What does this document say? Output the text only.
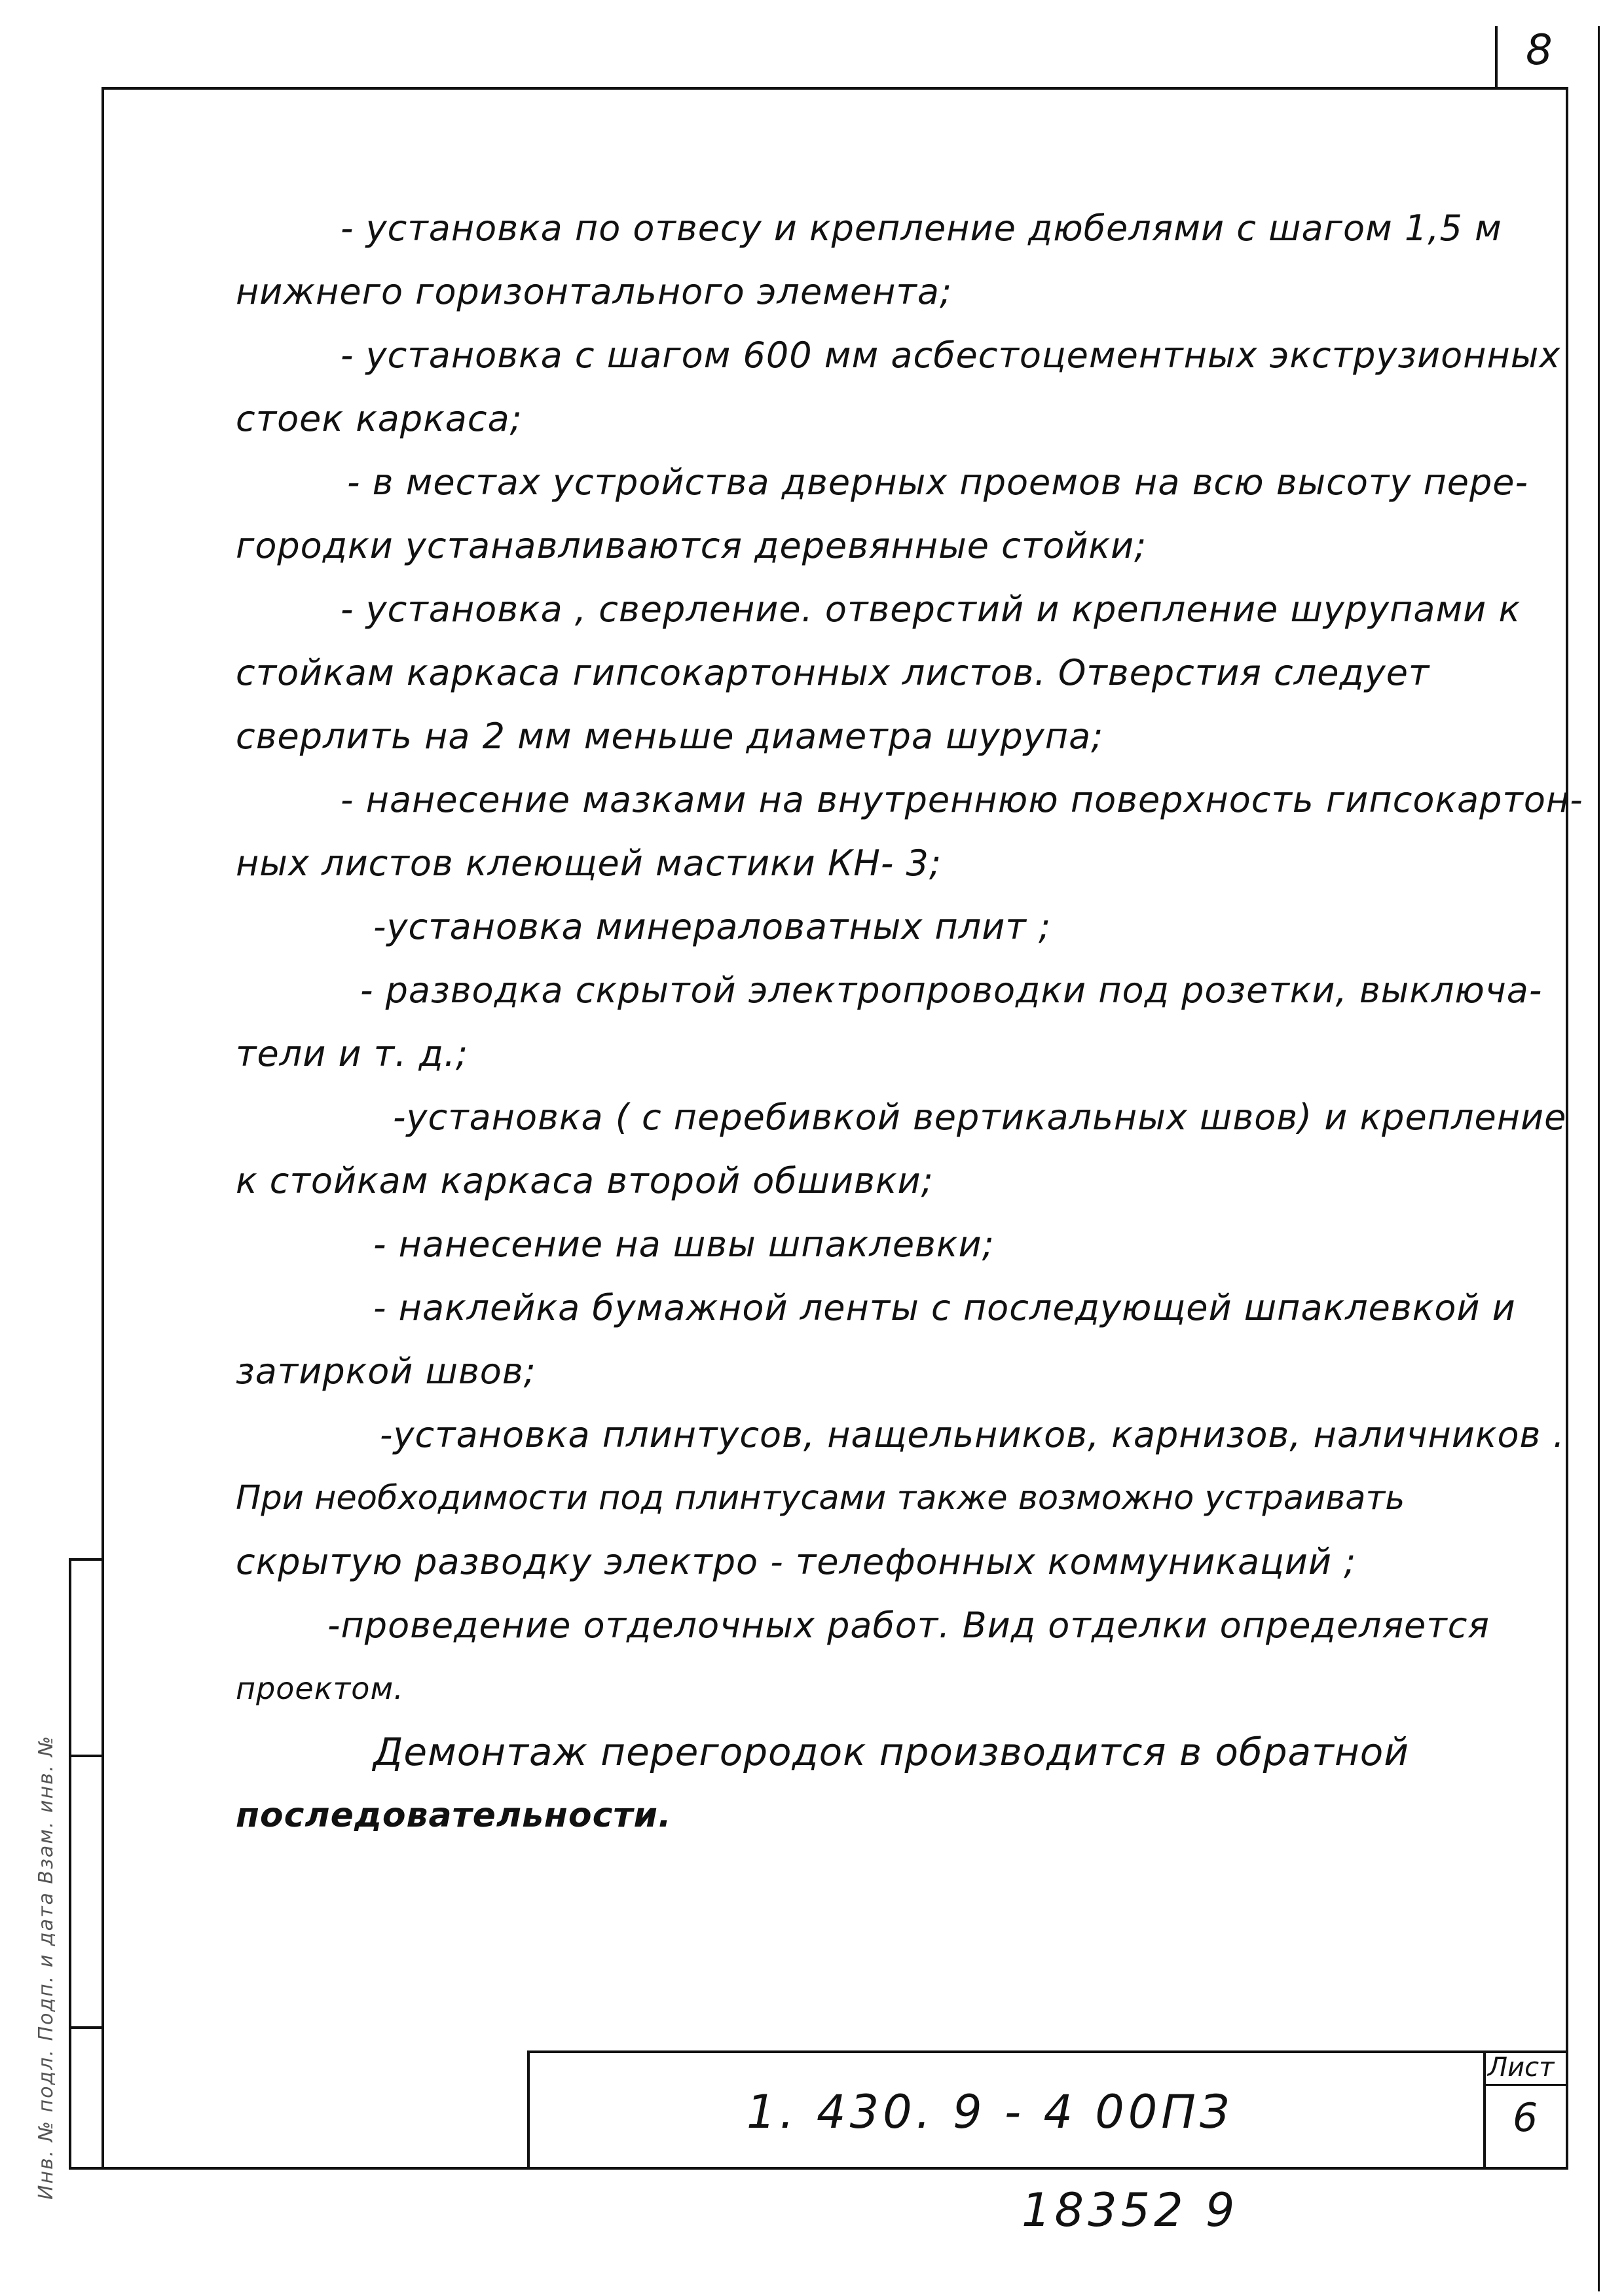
8
Инв. № подл. Подп. и дата Взам. инв. №
- установка по отвесу и крепление дюбелями с шагом 1,5 м
нижнего горизонтального элемента;
- установка с шагом 600 мм асбестоцементных экструзионных
стоек каркаса;
- в местах устройства дверных проемов на всю высоту пере-
городки устанавливаются деревянные стойки;
- установка , сверление. отверстий и крепление шурупами к
стойкам каркаса гипсокартонных листов. Отверстия следует
сверлить на 2 мм меньше диаметра шурупа;
- нанесение мазками на внутреннюю поверхность гипсокартон-
ных листов клеющей мастики КН- 3;
-установка минераловатных плит ;
- разводка скрытой электропроводки под розетки, выключа-
тели и т. д.;
-установка ( с перебивкой вертикальных швов) и крепление
к стойкам каркаса второй обшивки;
- нанесение на швы шпаклевки;
- наклейка бумажной ленты с последующей шпаклевкой и
затиркой швов;
-установка плинтусов, нащельников, карнизов, наличников .
При необходимости под плинтусами также возможно устраивать
скрытую разводку электро - телефонных коммуникаций ;
-проведение отделочных работ. Вид отделки определяется
проектом.
Демонтаж перегородок производится в обратной
последовательности.
1. 430. 9 - 4 00ПЗ
Лист
6
18352 9
